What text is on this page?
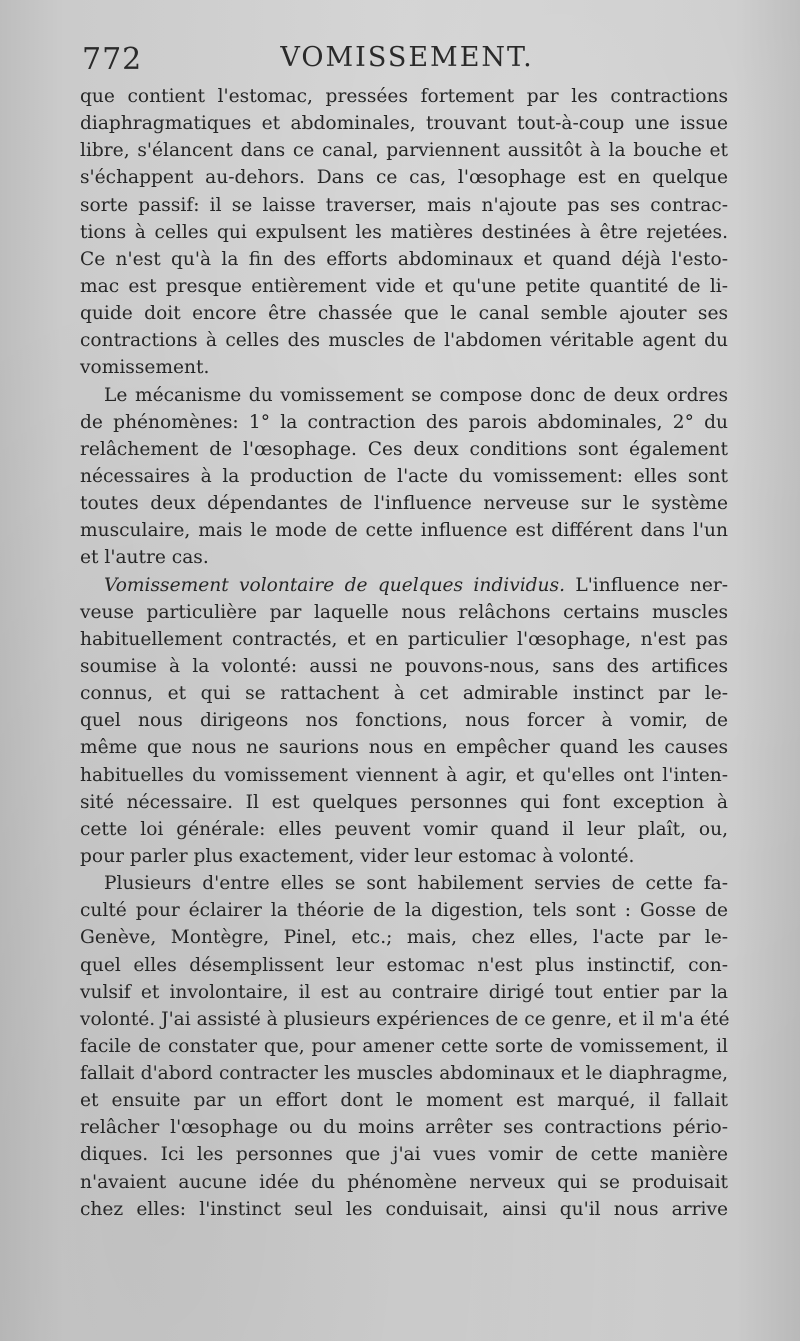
772	VOMISSEMENT.
que contient l'estomac, pressées fortement par les contractions
diaphragmatiques et abdominales, trouvant tout-à-coup une issue
libre, s'élancent dans ce canal, parviennent aussitôt à la bouche et
s'échappent au-dehors. Dans ce cas, l'œsophage est en quelque
sorte passif: il se laisse traverser, mais n'ajoute pas ses contrac-
tions à celles qui expulsent les matières destinées à être rejetées.
Ce n'est qu'à la fin des efforts abdominaux et quand déjà l'esto-
mac est presque entièrement vide et qu'une petite quantité de li-
quide doit encore être chassée que le canal semble ajouter ses
contractions à celles des muscles de l'abdomen véritable agent du
vomissement.
Le mécanisme du vomissement se compose donc de deux ordres
de phénomènes: 1° la contraction des parois abdominales, 2° du
relâchement de l'œsophage. Ces deux conditions sont également
nécessaires à la production de l'acte du vomissement: elles sont
toutes deux dépendantes de l'influence nerveuse sur le système
musculaire, mais le mode de cette influence est différent dans l'un
et l'autre cas.
Vomissement volontaire de quelques individus. L'influence ner-
veuse particulière par laquelle nous relâchons certains muscles
habituellement contractés, et en particulier l'œsophage, n'est pas
soumise à la volonté: aussi ne pouvons-nous, sans des artifices
connus, et qui se rattachent à cet admirable instinct par le-
quel nous dirigeons nos fonctions, nous forcer à vomir, de
même que nous ne saurions nous en empêcher quand les causes
habituelles du vomissement viennent à agir, et qu'elles ont l'inten-
sité nécessaire. Il est quelques personnes qui font exception à
cette loi générale: elles peuvent vomir quand il leur plaît, ou,
pour parler plus exactement, vider leur estomac à volonté.
Plusieurs d'entre elles se sont habilement servies de cette fa-
culté pour éclairer la théorie de la digestion, tels sont : Gosse de
Genève, Montègre, Pinel, etc.; mais, chez elles, l'acte par le-
quel elles désemplissent leur estomac n'est plus instinctif, con-
vulsif et involontaire, il est au contraire dirigé tout entier par la
volonté. J'ai assisté à plusieurs expériences de ce genre, et il m'a été
facile de constater que, pour amener cette sorte de vomissement, il
fallait d'abord contracter les muscles abdominaux et le diaphragme,
et ensuite par un effort dont le moment est marqué, il fallait
relâcher l'œsophage ou du moins arrêter ses contractions pério-
diques. Ici les personnes que j'ai vues vomir de cette manière
n'avaient aucune idée du phénomène nerveux qui se produisait
chez elles: l'instinct seul les conduisait, ainsi qu'il nous arrive
